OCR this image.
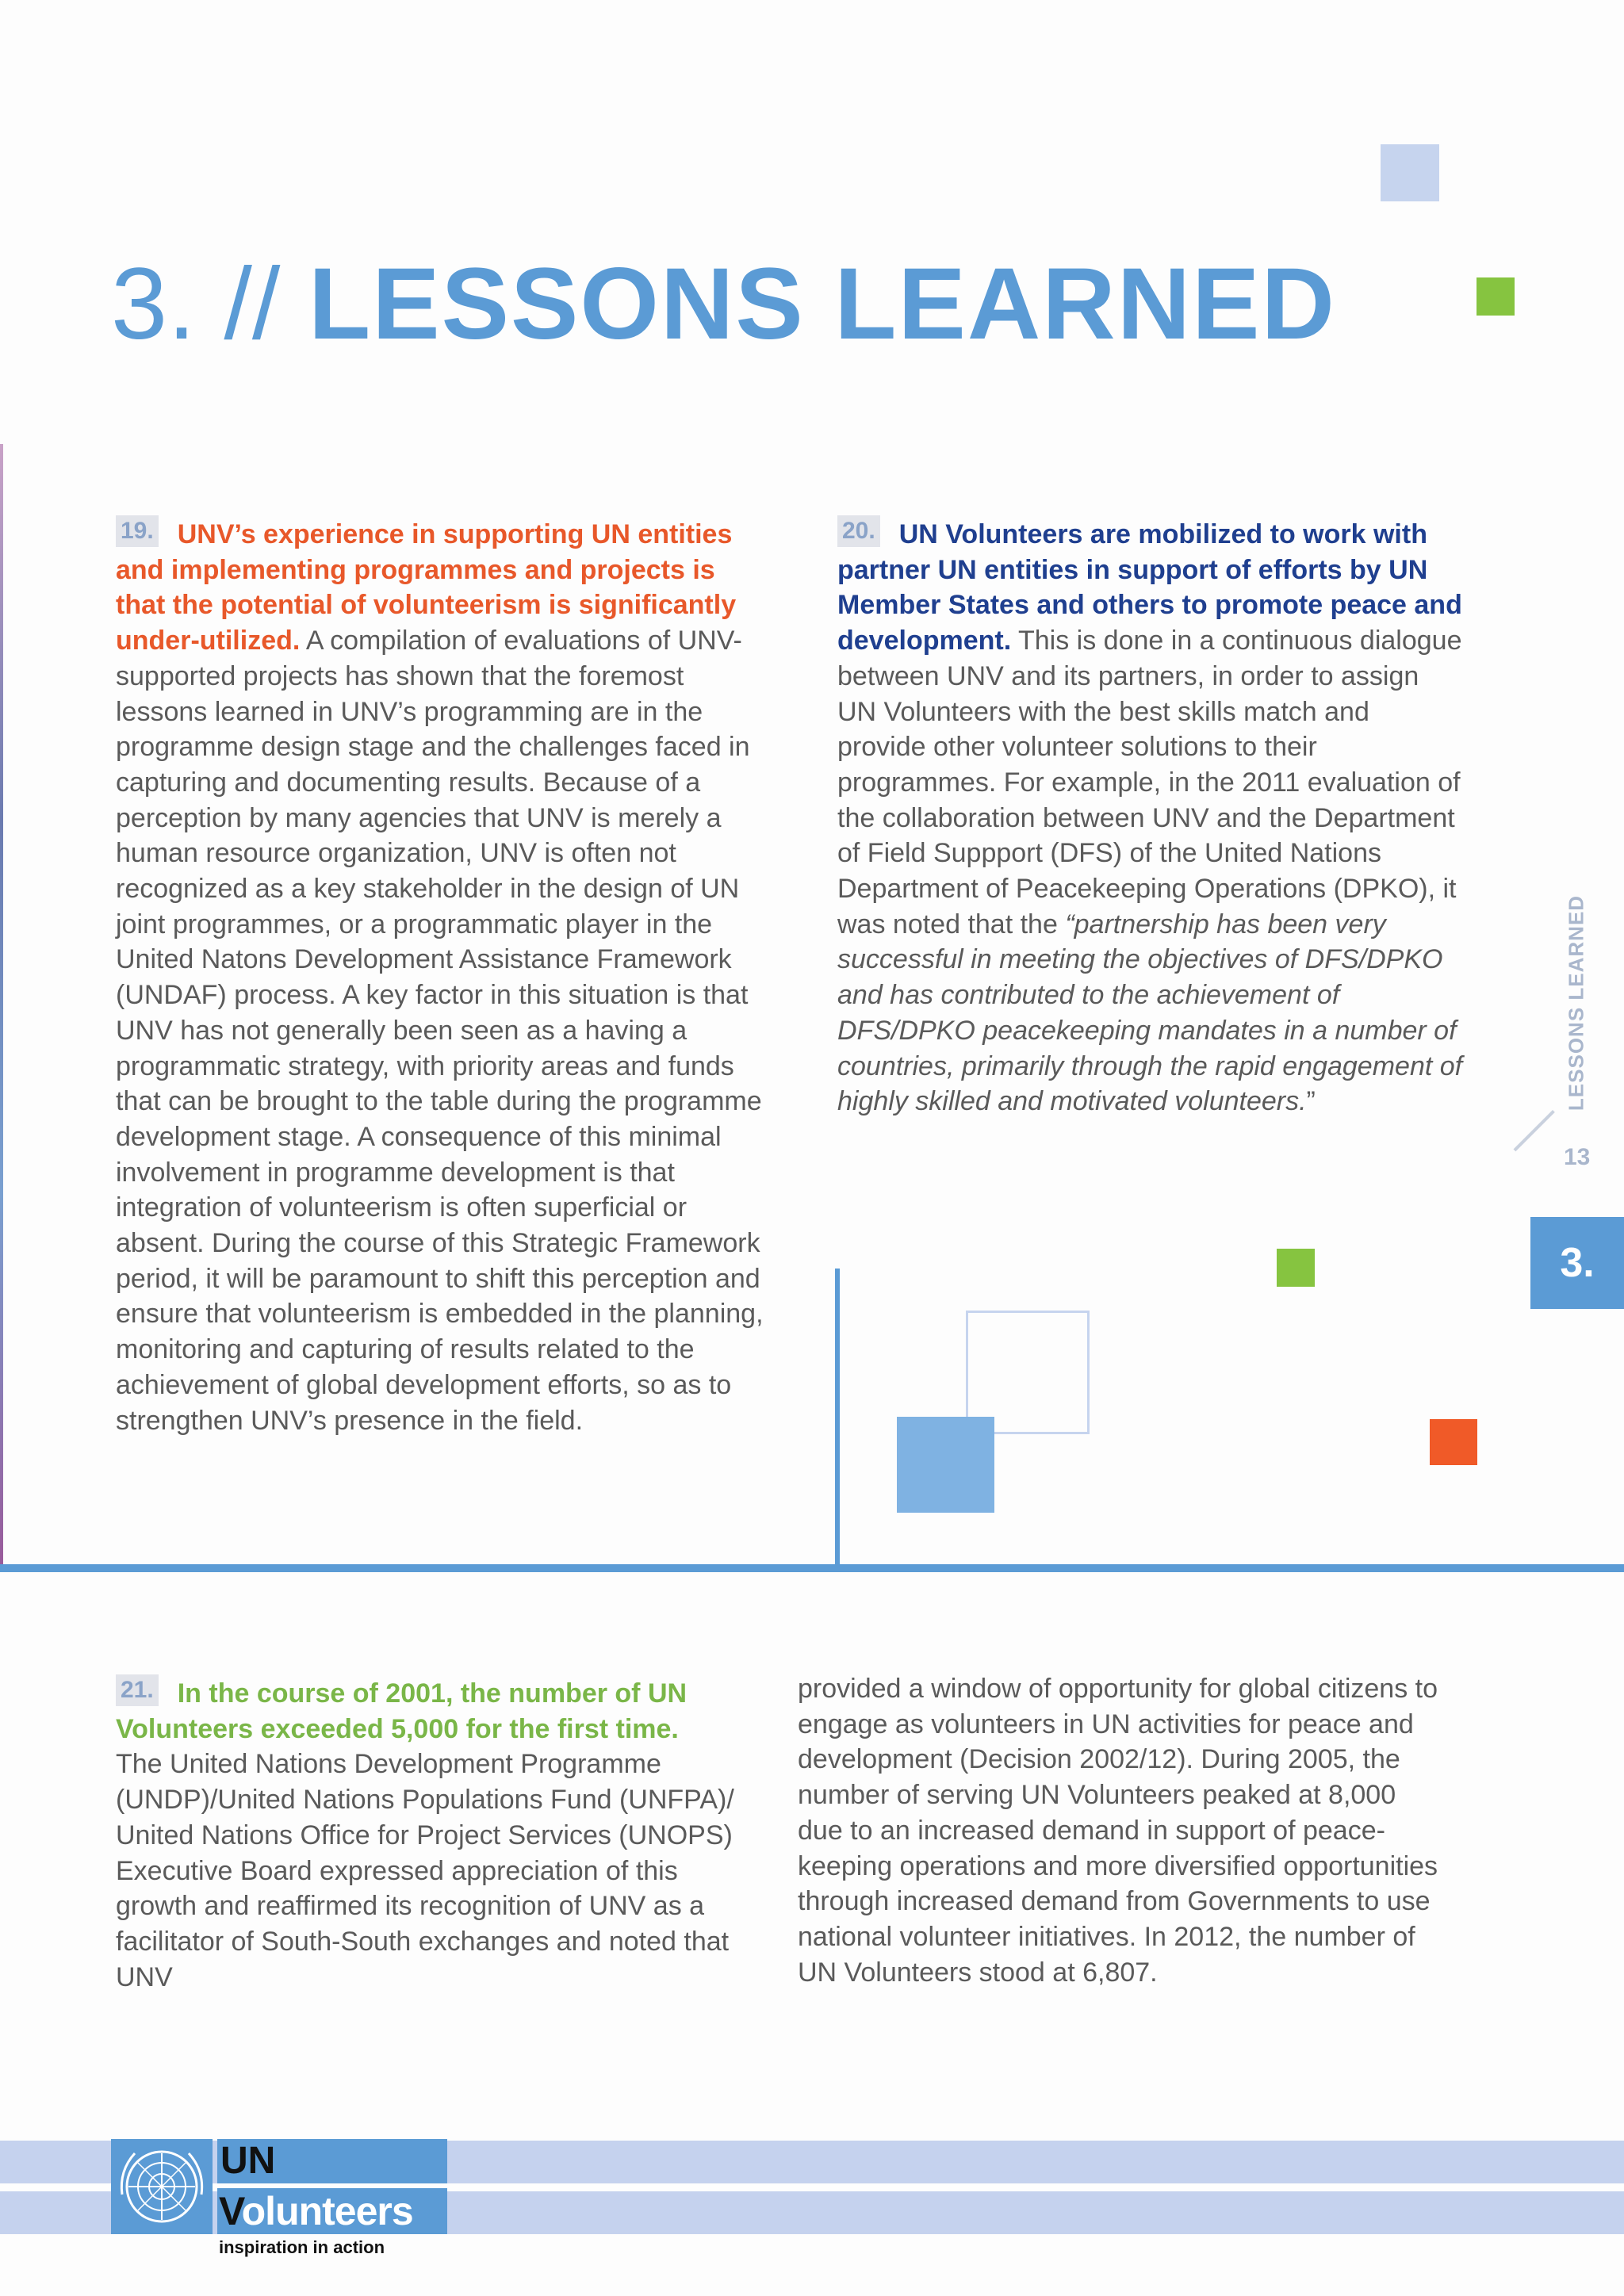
3. // LESSONS LEARNED

19. UNV’s experience in supporting UN entities and implementing programmes and projects is that the potential of volunteerism is significantly under-utilized. A compilation of evaluations of UNV-supported projects has shown that the foremost lessons learned in UNV’s programming are in the programme design stage and the challenges faced in capturing and documenting results. Because of a perception by many agencies that UNV is merely a human resource organization, UNV is often not recognized as a key stakeholder in the design of UN joint programmes, or a programmatic player in the United Natons Development Assistance Framework (UNDAF) process. A key factor in this situation is that UNV has not generally been seen as a having a programmatic strategy, with priority areas and funds that can be brought to the table during the programme development stage. A consequence of this minimal involvement in programme development is that integration of volunteerism is often superficial or absent. During the course of this Strategic Framework period, it will be paramount to shift this perception and ensure that volunteerism is embedded in the planning, monitoring and capturing of results related to the achievement of global development efforts, so as to strengthen UNV’s presence in the field.

20. UN Volunteers are mobilized to work with partner UN entities in support of efforts by UN Member States and others to promote peace and development. This is done in a continuous dialogue between UNV and its partners, in order to assign UN Volunteers with the best skills match and provide other volunteer solutions to their programmes. For example, in the 2011 evaluation of the collaboration between UNV and the Department of Field Suppport (DFS) of the United Nations Department of Peacekeeping Operations (DPKO), it was noted that the “partnership has been very successful in meeting the objectives of DFS/DPKO and has contributed to the achievement of DFS/DPKO peacekeeping mandates in a number of countries, primarily through the rapid engagement of highly skilled and motivated volunteers.”	LESSONS LEARNED
13
3.

21. In the course of 2001, the number of UN Volunteers exceeded 5,000 for the first time.
The United Nations Development Programme (UNDP)/United Nations Populations Fund (UNFPA)/ United Nations Office for Project Services (UNOPS) Executive Board expressed appreciation of this growth and reaffirmed its recognition of UNV as a facilitator of South-South exchanges and noted that UNV

provided a window of opportunity for global citizens to engage as volunteers in UN activities for peace and development (Decision 2002/12). During 2005, the number of serving UN Volunteers peaked at 8,000 due to an increased demand in support of peace-keeping operations and more diversified opportunities through increased demand from Governments to use national volunteer initiatives. In 2012, the number of UN Volunteers stood at 6,807.

UN
Volunteers
inspiration in action
